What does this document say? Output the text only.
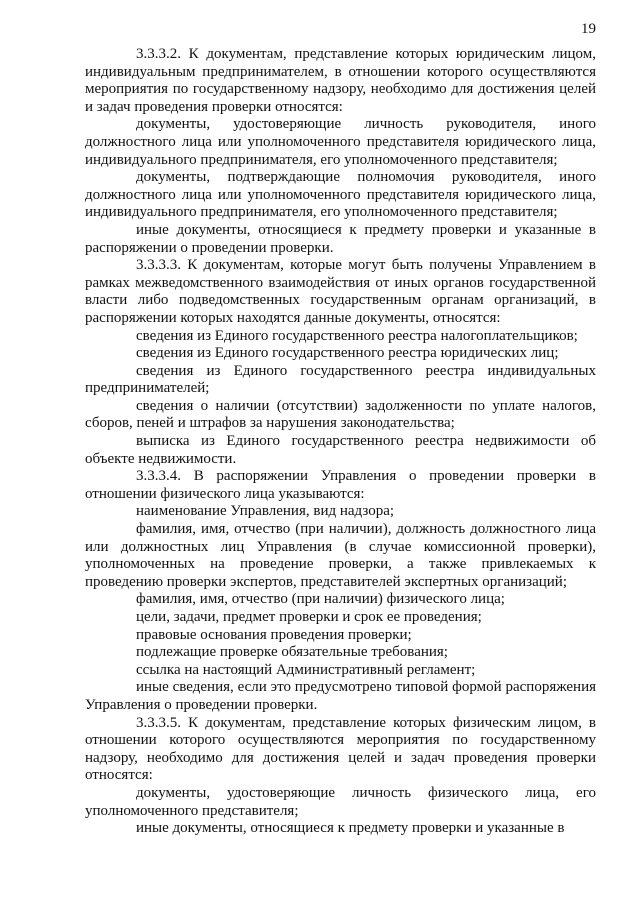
19

3.3.3.2. К документам, представление которых юридическим лицом, индивидуальным предпринимателем, в отношении которого осуществляются мероприятия по государственному надзору, необходимо для достижения целей и задач проведения проверки относятся:

документы, удостоверяющие личность руководителя, иного должностного лица или уполномоченного представителя юридического лица, индивидуального предпринимателя, его уполномоченного представителя;

документы, подтверждающие полномочия руководителя, иного должностного лица или уполномоченного представителя юридического лица, индивидуального предпринимателя, его уполномоченного представителя;

иные документы, относящиеся к предмету проверки и указанные в распоряжении о проведении проверки.

3.3.3.3. К документам, которые могут быть получены Управлением в рамках межведомственного взаимодействия от иных органов государственной власти либо подведомственных государственным органам организаций, в распоряжении которых находятся данные документы, относятся:

сведения из Единого государственного реестра налогоплательщиков;

сведения из Единого государственного реестра юридических лиц;

сведения из Единого государственного реестра индивидуальных предпринимателей;

сведения о наличии (отсутствии) задолженности по уплате налогов, сборов, пеней и штрафов за нарушения законодательства;

выписка из Единого государственного реестра недвижимости об объекте недвижимости.

3.3.3.4. В распоряжении Управления о проведении проверки в отношении физического лица указываются:

наименование Управления, вид надзора;

фамилия, имя, отчество (при наличии), должность должностного лица или должностных лиц Управления (в случае комиссионной проверки), уполномоченных на проведение проверки, а также привлекаемых к проведению проверки экспертов, представителей экспертных организаций;

фамилия, имя, отчество (при наличии) физического лица;

цели, задачи, предмет проверки и срок ее проведения;

правовые основания проведения проверки;

подлежащие проверке обязательные требования;

ссылка на настоящий Административный регламент;

иные сведения, если это предусмотрено типовой формой распоряжения Управления о проведении проверки.

3.3.3.5. К документам, представление которых физическим лицом, в отношении которого осуществляются мероприятия по государственному надзору, необходимо для достижения целей и задач проведения проверки относятся:

документы, удостоверяющие личность физического лица, его уполномоченного представителя;

иные документы, относящиеся к предмету проверки и указанные в
